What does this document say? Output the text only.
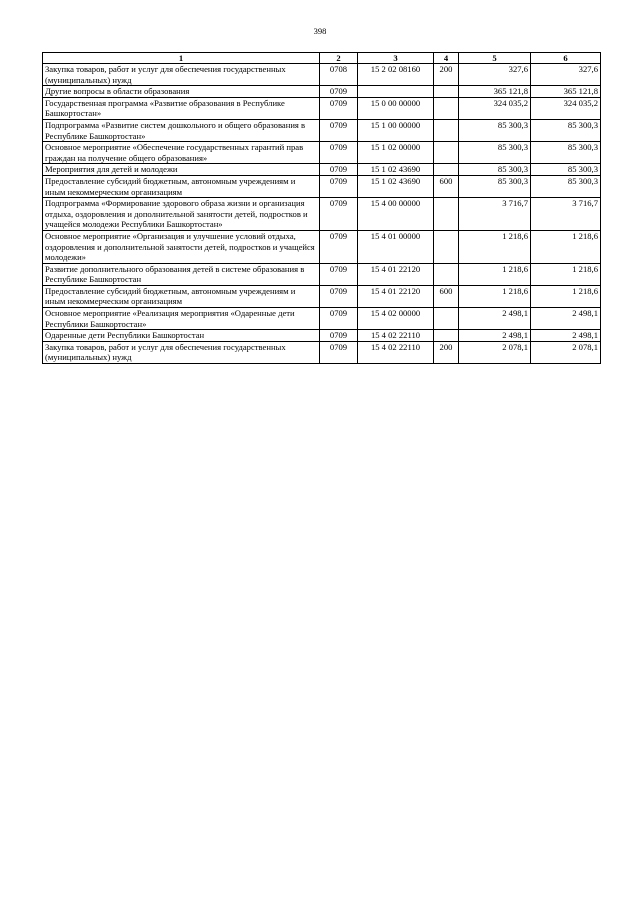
398
1	2	3	4	5	6
Закупка товаров, работ и услуг для обеспечения государственных (муниципальных) нужд	0708	15 2 02 08160	200	327,6	327,6
Другие вопросы в области образования	0709			365 121,8	365 121,8
Государственная программа «Развитие образования в Республике Башкортостан»	0709	15 0 00 00000		324 035,2	324 035,2
Подпрограмма «Развитие систем дошкольного и общего образования в Республике Башкортостан»	0709	15 1 00 00000		85 300,3	85 300,3
Основное мероприятие «Обеспечение государственных гарантий прав граждан на получение общего образования»	0709	15 1 02 00000		85 300,3	85 300,3
Мероприятия для детей и молодежи	0709	15 1 02 43690		85 300,3	85 300,3
Предоставление субсидий бюджетным, автономным учреждениям и иным некоммерческим организациям	0709	15 1 02 43690	600	85 300,3	85 300,3
Подпрограмма «Формирование здорового образа жизни и организация отдыха, оздоровления и дополнительной занятости детей, подростков и учащейся молодежи Республики Башкортостан»	0709	15 4 00 00000		3 716,7	3 716,7
Основное мероприятие «Организация и улучшение условий отдыха, оздоровления и дополнительной занятости детей, подростков и учащейся молодежи»	0709	15 4 01 00000		1 218,6	1 218,6
Развитие дополнительного образования детей в системе образования в Республике Башкортостан	0709	15 4 01 22120		1 218,6	1 218,6
Предоставление субсидий бюджетным, автономным учреждениям и иным некоммерческим организациям	0709	15 4 01 22120	600	1 218,6	1 218,6
Основное мероприятие «Реализация мероприятия «Одаренные дети Республики Башкортостан»	0709	15 4 02 00000		2 498,1	2 498,1
Одаренные дети Республики Башкортостан	0709	15 4 02 22110		2 498,1	2 498,1
Закупка товаров, работ и услуг для обеспечения государственных (муниципальных) нужд	0709	15 4 02 22110	200	2 078,1	2 078,1
